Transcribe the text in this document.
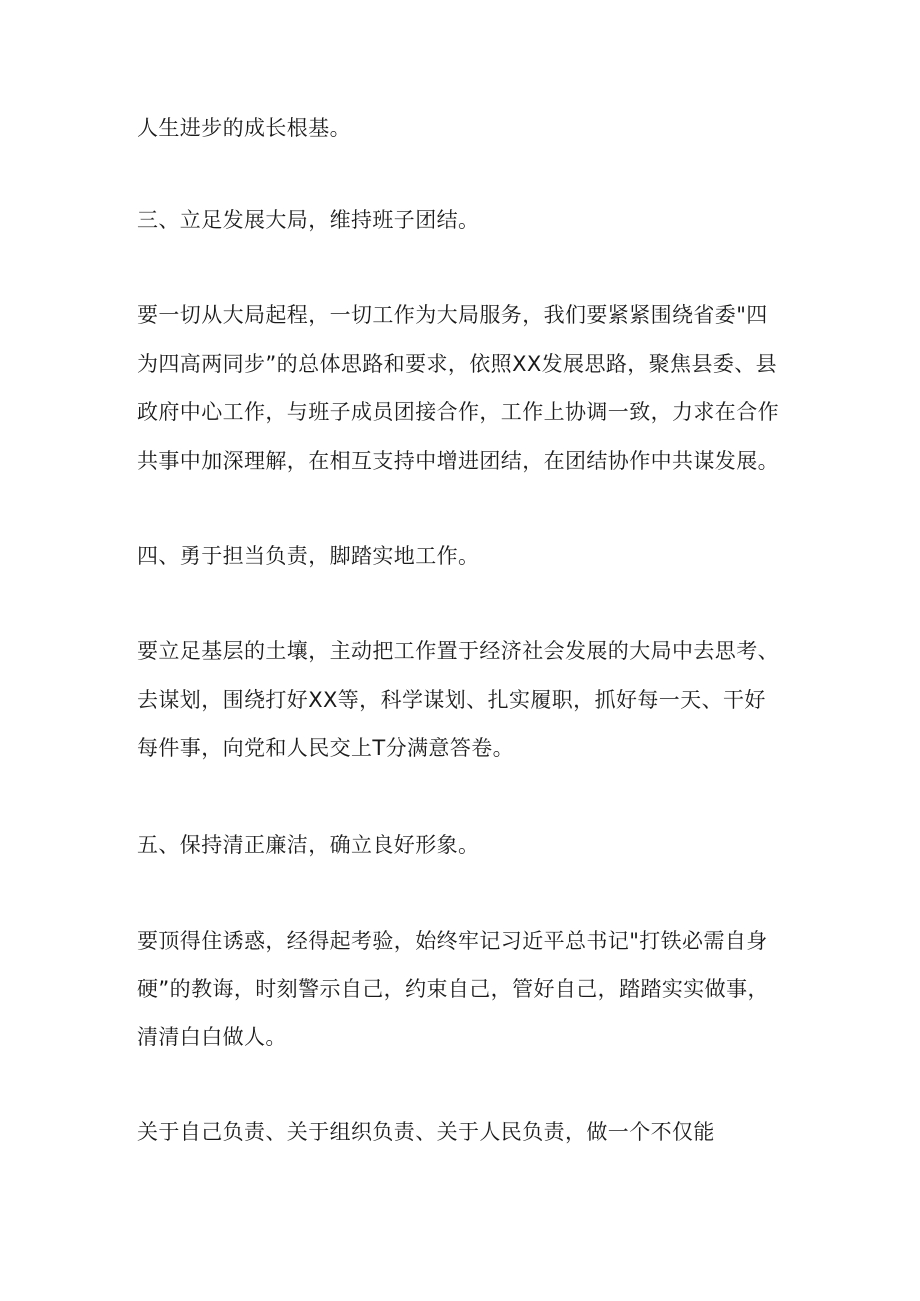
人生进步的成长根基。
三、立足发展大局，维持班子团结。
要一切从大局起程，一切工作为大局服务，我们要紧紧围绕省委"四
为四高两同步”的总体思路和要求，依照XX发展思路，聚焦县委、县
政府中心工作，与班子成员团接合作，工作上协调一致，力求在合作
共事中加深理解，在相互支持中增进团结，在团结协作中共谋发展。
四、勇于担当负责，脚踏实地工作。
要立足基层的土壤，主动把工作置于经济社会发展的大局中去思考、
去谋划，围绕打好XX等，科学谋划、扎实履职，抓好每一天、干好
每件事，向党和人民交上T分满意答卷。
五、保持清正廉洁，确立良好形象。
要顶得住诱惑，经得起考验，始终牢记习近平总书记"打铁必需自身
硬”的教诲，时刻警示自己，约束自己，管好自己，踏踏实实做事，
清清白白做人。
关于自己负责、关于组织负责、关于人民负责，做一个不仅能
